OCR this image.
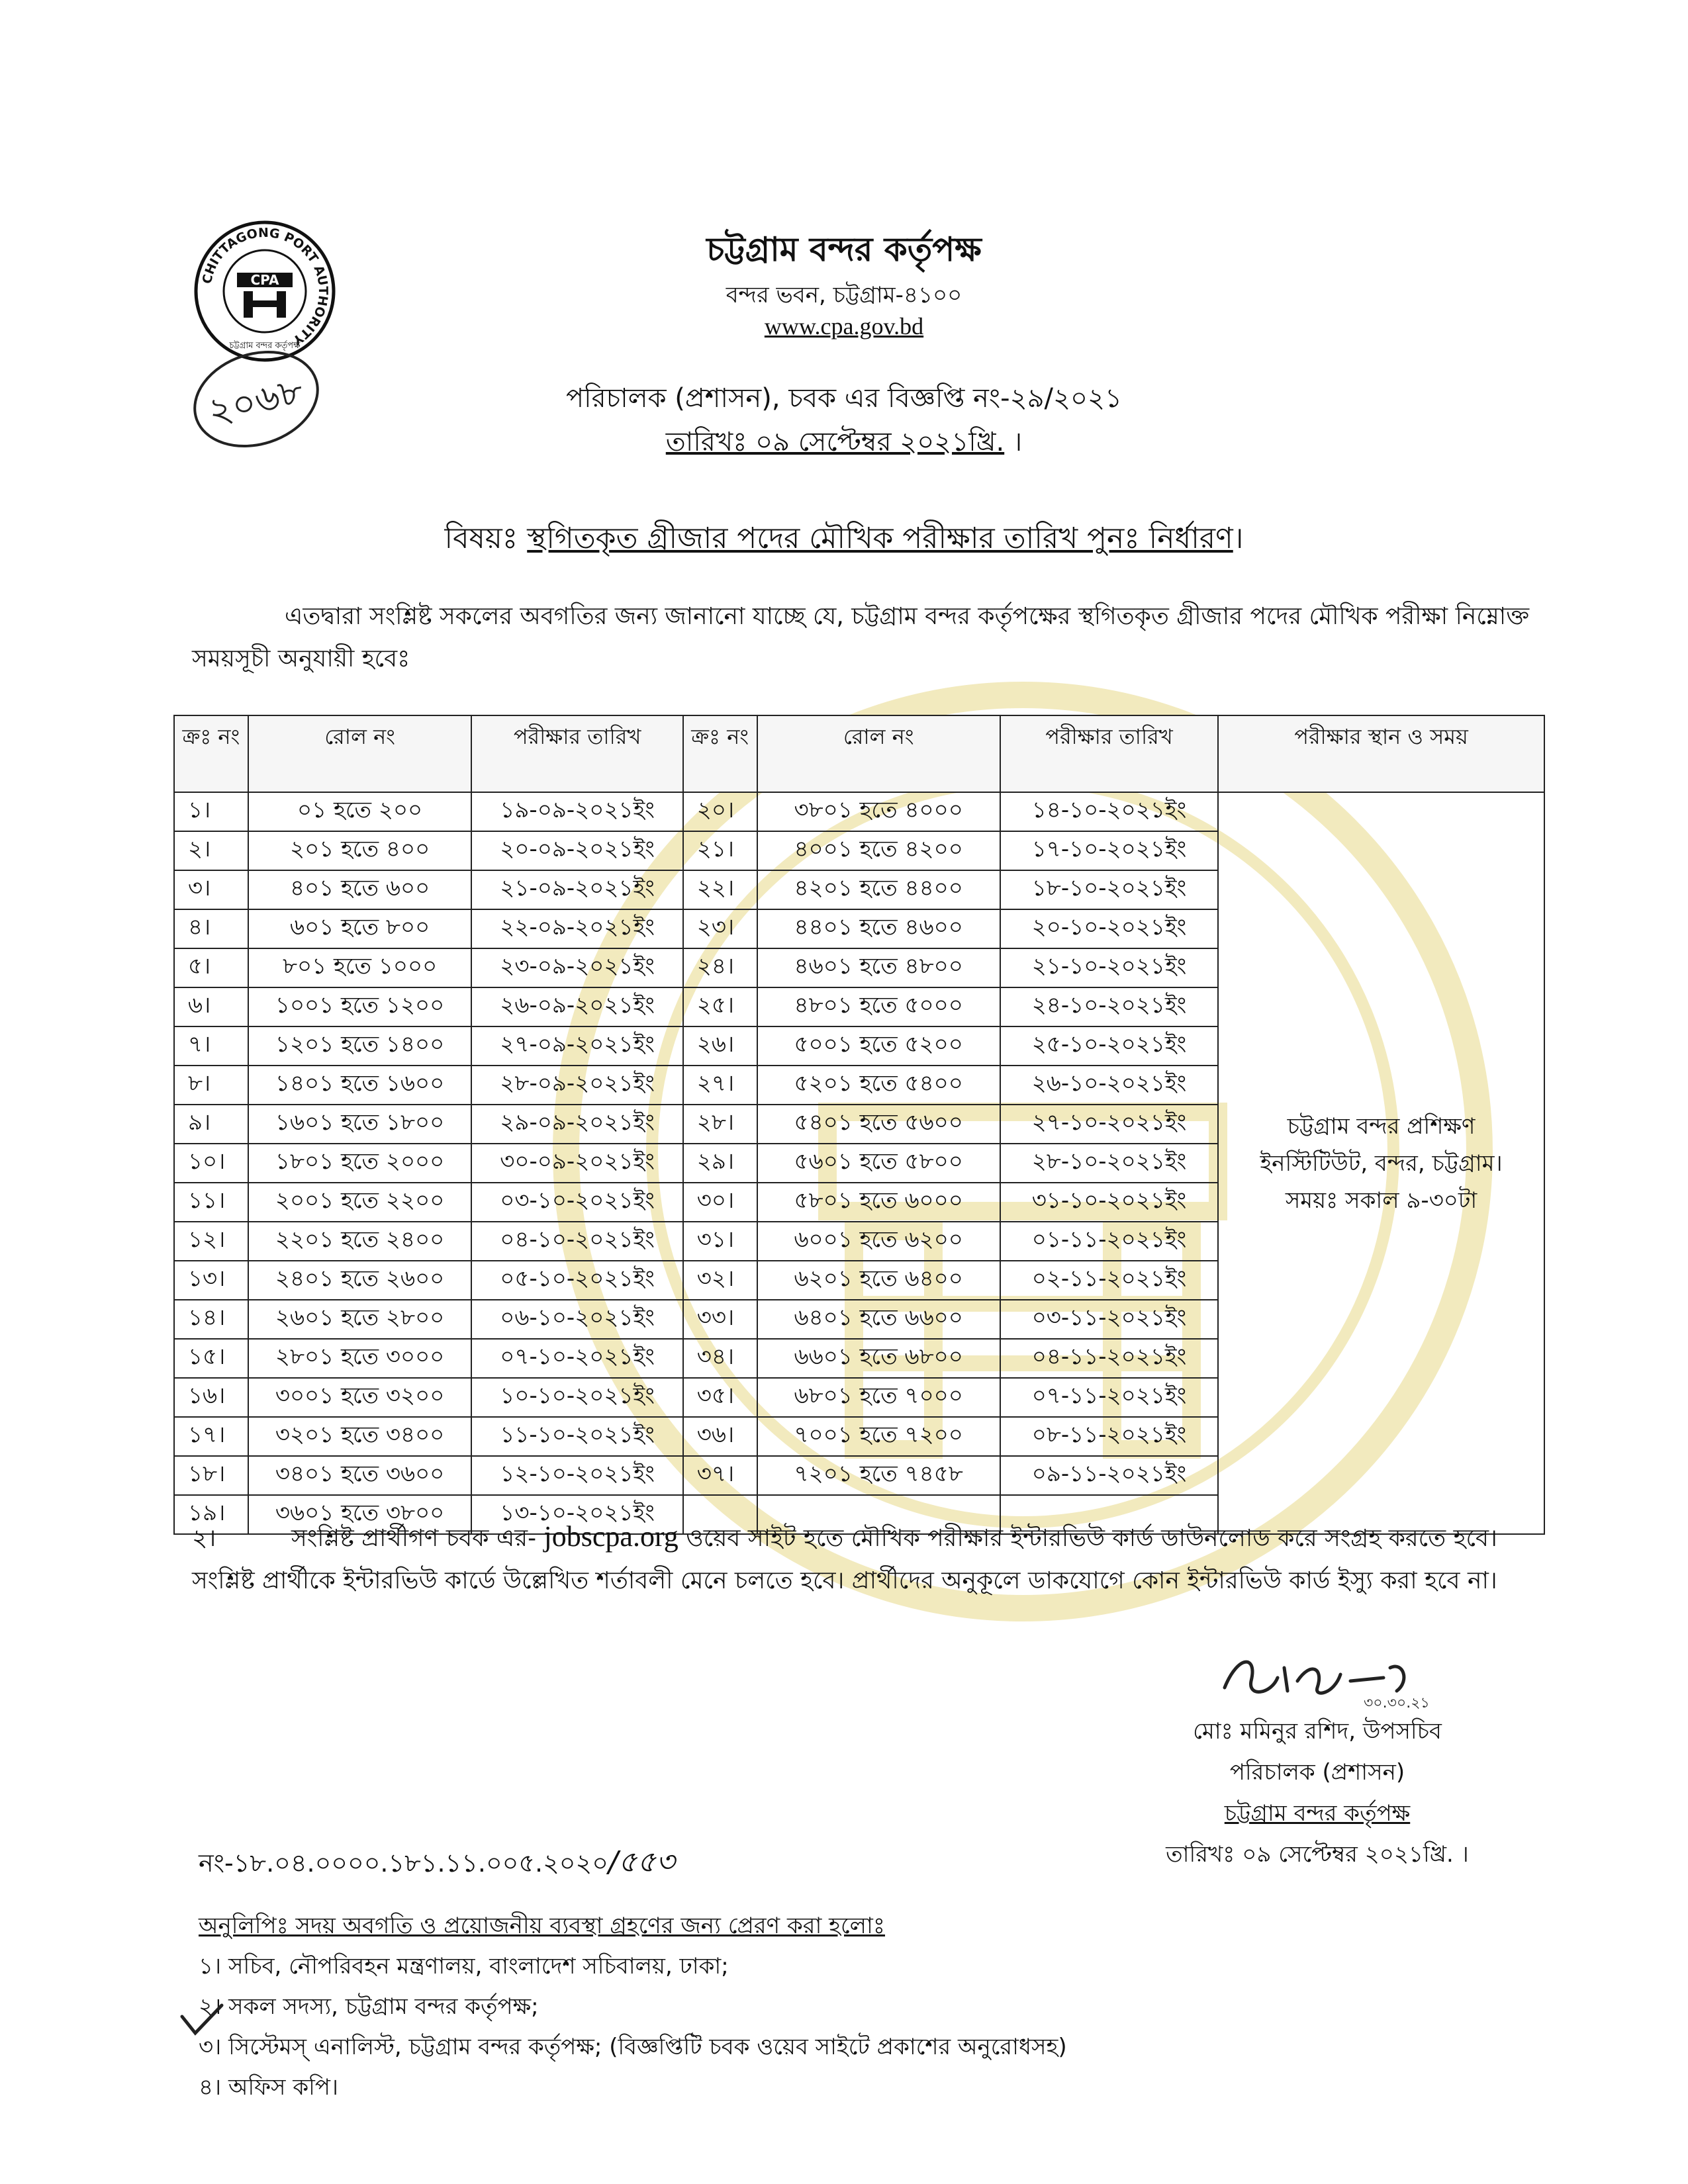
CHITTAGONG PORT AUTHORITY
CPA
চট্টগ্রাম বন্দর কর্তৃপক্ষ
২০৬৮
চট্টগ্রাম বন্দর কর্তৃপক্ষ
বন্দর ভবন, চট্টগ্রাম-৪১০০
www.cpa.gov.bd
পরিচালক (প্রশাসন), চবক এর বিজ্ঞপ্তি নং-২৯/২০২১
তারিখঃ ০৯ সেপ্টেম্বর ২০২১খ্রি. ।
বিষয়ঃ স্থগিতকৃত গ্রীজার পদের মৌখিক পরীক্ষার তারিখ পুনঃ নির্ধারণ।
এতদ্বারা সংশ্লিষ্ট সকলের অবগতির জন্য জানানো যাচ্ছে যে, চট্টগ্রাম বন্দর কর্তৃপক্ষের স্থগিতকৃত গ্রীজার পদের মৌখিক পরীক্ষা নিম্নোক্ত সময়সূচী অনুযায়ী হবেঃ
ক্রঃ নং	রোল নং	পরীক্ষার তারিখ	ক্রঃ নং	রোল নং	পরীক্ষার তারিখ	পরীক্ষার স্থান ও সময়
১।	০১ হতে ২০০	১৯-০৯-২০২১ইং	২০।	৩৮০১ হতে ৪০০০	১৪-১০-২০২১ইং	চট্টগ্রাম বন্দর প্রশিক্ষণ
ইনস্টিটিউট, বন্দর, চট্টগ্রাম।
সময়ঃ সকাল ৯-৩০টা

২।	২০১ হতে ৪০০	২০-০৯-২০২১ইং	২১।	৪০০১ হতে ৪২০০	১৭-১০-২০২১ইং	
৩।	৪০১ হতে ৬০০	২১-০৯-২০২১ইং	২২।	৪২০১ হতে ৪৪০০	১৮-১০-২০২১ইং	
৪।	৬০১ হতে ৮০০	২২-০৯-২০২১ইং	২৩।	৪৪০১ হতে ৪৬০০	২০-১০-২০২১ইং	
৫।	৮০১ হতে ১০০০	২৩-০৯-২০২১ইং	২৪।	৪৬০১ হতে ৪৮০০	২১-১০-২০২১ইং	
৬।	১০০১ হতে ১২০০	২৬-০৯-২০২১ইং	২৫।	৪৮০১ হতে ৫০০০	২৪-১০-২০২১ইং	
৭।	১২০১ হতে ১৪০০	২৭-০৯-২০২১ইং	২৬।	৫০০১ হতে ৫২০০	২৫-১০-২০২১ইং	
৮।	১৪০১ হতে ১৬০০	২৮-০৯-২০২১ইং	২৭।	৫২০১ হতে ৫৪০০	২৬-১০-২০২১ইং	
৯।	১৬০১ হতে ১৮০০	২৯-০৯-২০২১ইং	২৮।	৫৪০১ হতে ৫৬০০	২৭-১০-২০২১ইং	
১০।	১৮০১ হতে ২০০০	৩০-০৯-২০২১ইং	২৯।	৫৬০১ হতে ৫৮০০	২৮-১০-২০২১ইং	
১১।	২০০১ হতে ২২০০	০৩-১০-২০২১ইং	৩০।	৫৮০১ হতে ৬০০০	৩১-১০-২০২১ইং	
১২।	২২০১ হতে ২৪০০	০৪-১০-২০২১ইং	৩১।	৬০০১ হতে ৬২০০	০১-১১-২০২১ইং	
১৩।	২৪০১ হতে ২৬০০	০৫-১০-২০২১ইং	৩২।	৬২০১ হতে ৬৪০০	০২-১১-২০২১ইং	
১৪।	২৬০১ হতে ২৮০০	০৬-১০-২০২১ইং	৩৩।	৬৪০১ হতে ৬৬০০	০৩-১১-২০২১ইং	
১৫।	২৮০১ হতে ৩০০০	০৭-১০-২০২১ইং	৩৪।	৬৬০১ হতে ৬৮০০	০৪-১১-২০২১ইং	
১৬।	৩০০১ হতে ৩২০০	১০-১০-২০২১ইং	৩৫।	৬৮০১ হতে ৭০০০	০৭-১১-২০২১ইং	
১৭।	৩২০১ হতে ৩৪০০	১১-১০-২০২১ইং	৩৬।	৭০০১ হতে ৭২০০	০৮-১১-২০২১ইং	
১৮।	৩৪০১ হতে ৩৬০০	১২-১০-২০২১ইং	৩৭।	৭২০১ হতে ৭৪৫৮	০৯-১১-২০২১ইং	
১৯।	৩৬০১ হতে ৩৮০০	১৩-১০-২০২১ইং				
২।	সংশ্লিষ্ট প্রার্থীগণ চবক এর- jobscpa.org ওয়েব সাইট হতে মৌখিক পরীক্ষার ইন্টারভিউ কার্ড ডাউনলোড করে সংগ্রহ করতে হবে। সংশ্লিষ্ট প্রার্থীকে ইন্টারভিউ কার্ডে উল্লেখিত শর্তাবলী মেনে চলতে হবে। প্রার্থীদের অনুকূলে ডাকযোগে কোন ইন্টারভিউ কার্ড ইস্যু করা হবে না।
৩০.৩০.২১
মোঃ মমিনুর রশিদ, উপসচিব
পরিচালক (প্রশাসন)
চট্টগ্রাম বন্দর কর্তৃপক্ষ
তারিখঃ ০৯ সেপ্টেম্বর ২০২১খ্রি. ।
নং-১৮.০৪.০০০০.১৮১.১১.০০৫.২০২০/৫৫৩
অনুলিপিঃ সদয় অবগতি ও প্রয়োজনীয় ব্যবস্থা গ্রহণের জন্য প্রেরণ করা হলোঃ
১। সচিব, নৌপরিবহন মন্ত্রণালয়, বাংলাদেশ সচিবালয়, ঢাকা;
২। সকল সদস্য, চট্টগ্রাম বন্দর কর্তৃপক্ষ;
৩। সিস্টেমস্ এনালিস্ট, চট্টগ্রাম বন্দর কর্তৃপক্ষ; (বিজ্ঞপ্তিটি চবক ওয়েব সাইটে প্রকাশের অনুরোধসহ)
৪। অফিস কপি।
